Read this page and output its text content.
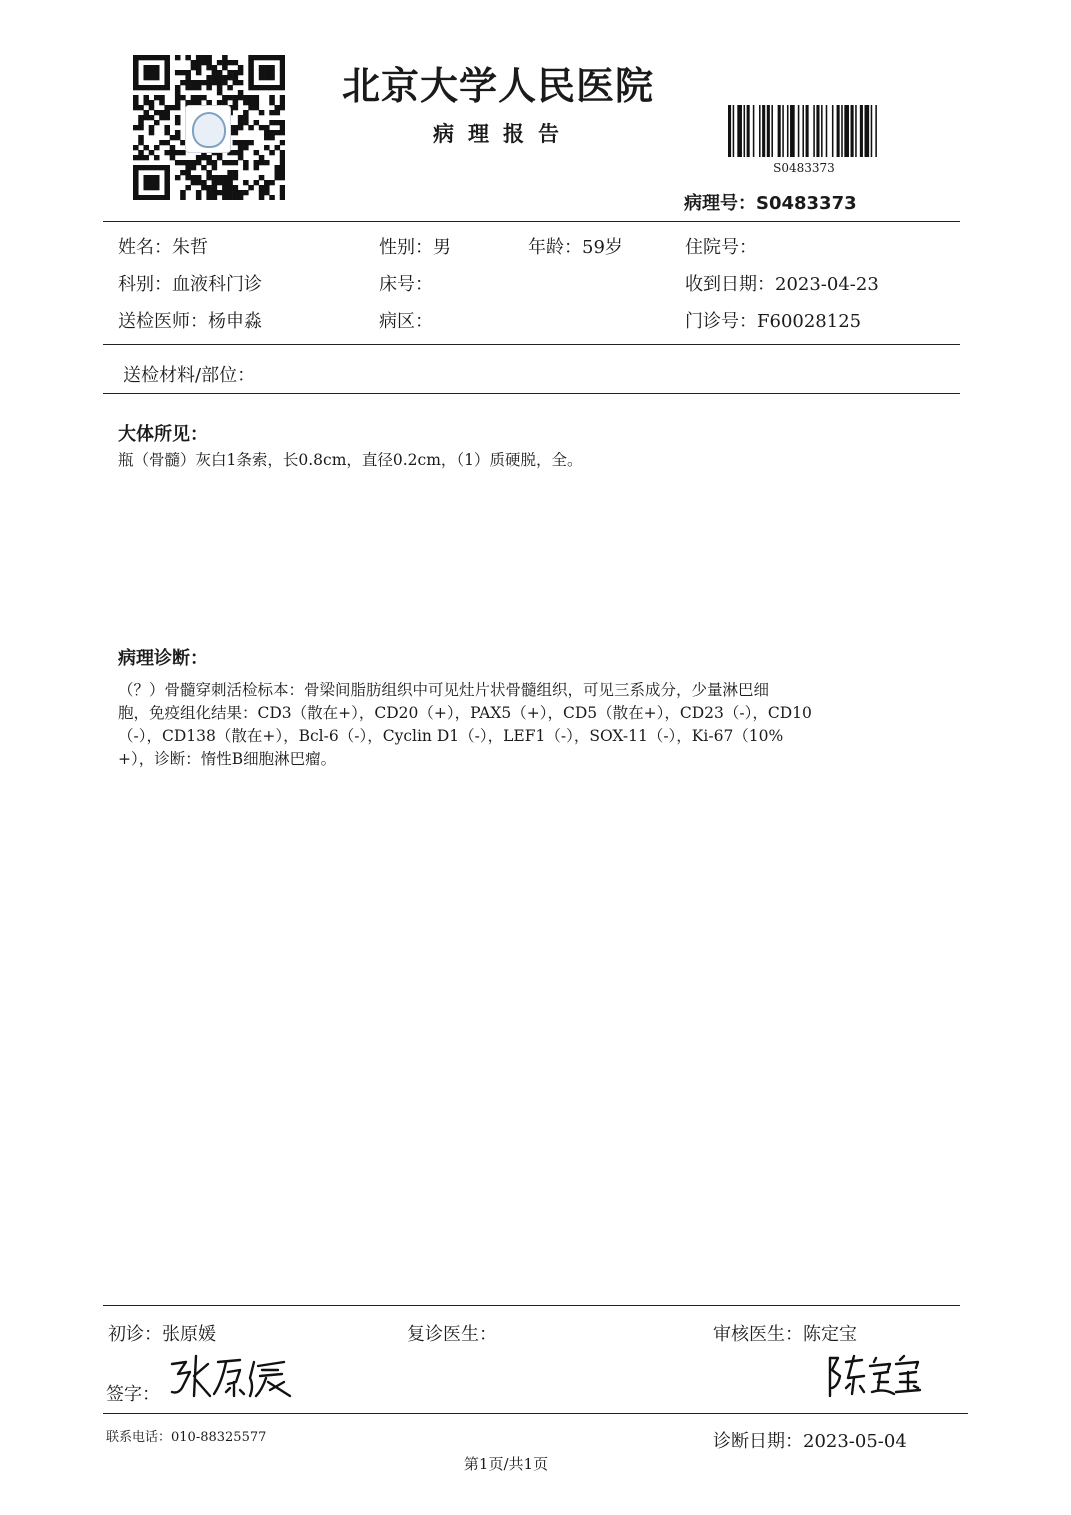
北京大学人民医院
病理报告
S0483373
病理号：S0483373
姓名：朱哲	性别：男	年龄：59岁	住院号：
科别：血液科门诊	床号：	收到日期：2023-04-23
送检医师：杨申淼	病区：	门诊号：F60028125
送检材料/部位：
大体所见：
瓶（骨髓）灰白1条索，长0.8cm，直径0.2cm，（1）质硬脱，全。
病理诊断：
（？）骨髓穿刺活检标本：骨梁间脂肪组织中可见灶片状骨髓组织，可见三系成分，少量淋巴细
胞，免疫组化结果：CD3（散在+），CD20（+），PAX5（+），CD5（散在+），CD23（-），CD10
（-），CD138（散在+），Bcl-6（-），Cyclin D1（-），LEF1（-），SOX-11（-），Ki-67（10%
+），诊断：惰性B细胞淋巴瘤。
初诊：张原媛	复诊医生：	审核医生：陈定宝
签字：
联系电话：010-88325577	诊断日期：2023-05-04
第1页/共1页
